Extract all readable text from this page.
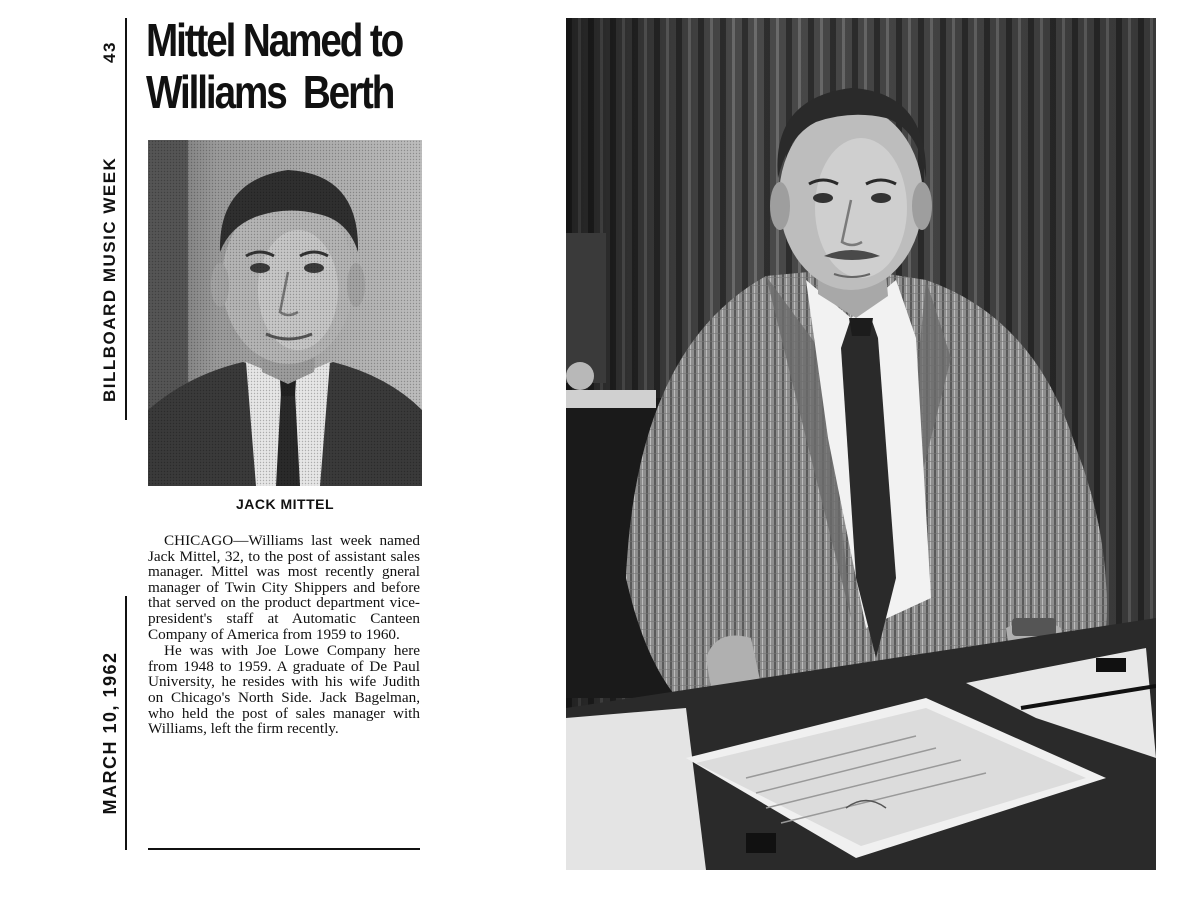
43
BILLBOARD MUSIC WEEK
MARCH 10, 1962
Mittel Named to
Williams  Berth
JACK MITTEL

CHICAGO—Williams last week named Jack Mittel, 32, to the post of assistant sales manager. Mittel was most recently gneral manager of Twin City Shippers and before that served on the product department vice-president's staff at Automatic Canteen Company of America from 1959 to 1960.

He was with Joe Lowe Company here from 1948 to 1959. A graduate of De Paul University, he resides with his wife Judith on Chicago's North Side. Jack Bagelman, who held the post of sales manager with Williams, left the firm recently.
